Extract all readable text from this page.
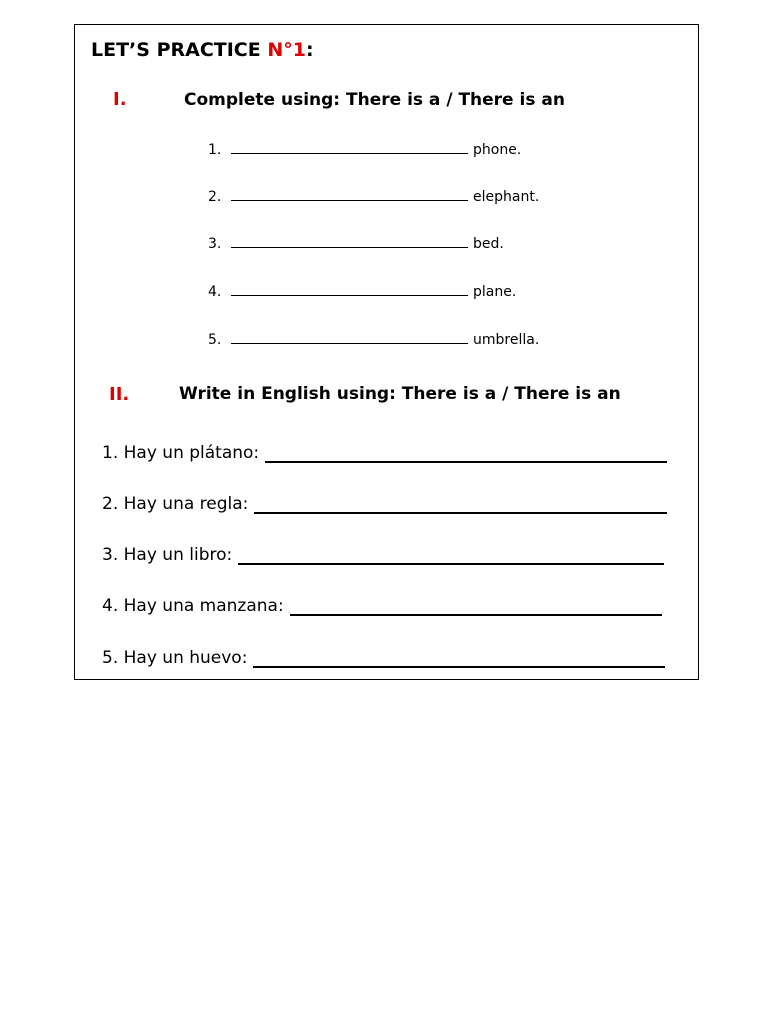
LET’S PRACTICE N°1:
I.	Complete using: There is a / There is an
1.	phone.
2.	elephant.
3.	bed.
4.	plane.
5.	umbrella.
II.	Write in English using: There is a / There is an
1. Hay un plátano:
2. Hay una regla:
3. Hay un libro:
4. Hay una manzana:
5. Hay un huevo:
